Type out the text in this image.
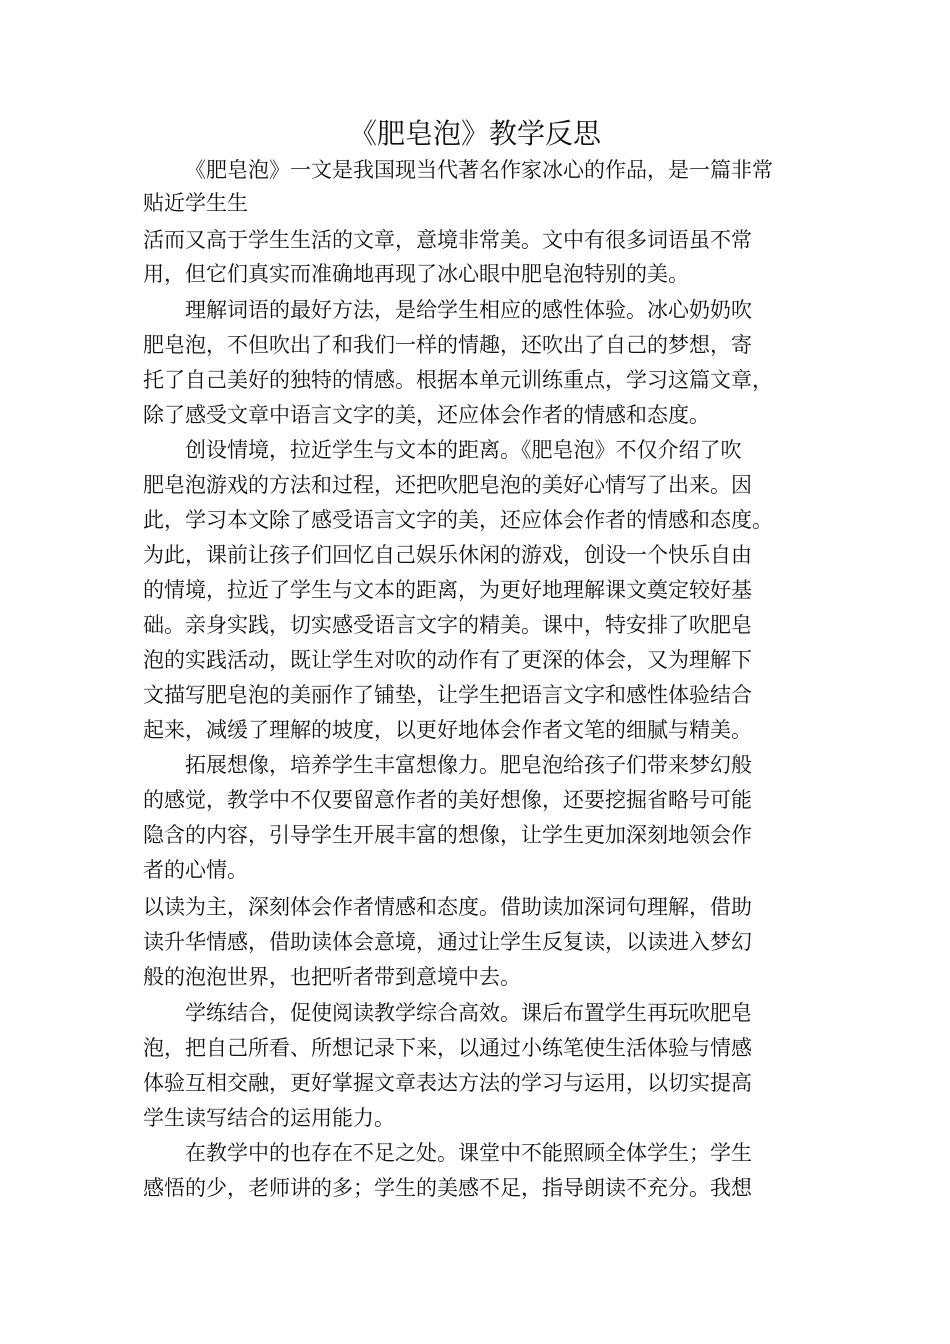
《肥皂泡》教学反思

《肥皂泡》一文是我国现当代著名作家冰心的作品，是一篇非常

贴近学生生

活而又高于学生生活的文章，意境非常美。文中有很多词语虽不常

用，但它们真实而准确地再现了冰心眼中肥皂泡特别的美。

理解词语的最好方法，是给学生相应的感性体验。冰心奶奶吹

肥皂泡，不但吹出了和我们一样的情趣，还吹出了自己的梦想，寄

托了自己美好的独特的情感。根据本单元训练重点，学习这篇文章，

除了感受文章中语言文字的美，还应体会作者的情感和态度。

创设情境，拉近学生与文本的距离。《肥皂泡》不仅介绍了吹

肥皂泡游戏的方法和过程，还把吹肥皂泡的美好心情写了出来。因

此，学习本文除了感受语言文字的美，还应体会作者的情感和态度。

为此，课前让孩子们回忆自己娱乐休闲的游戏，创设一个快乐自由

的情境，拉近了学生与文本的距离，为更好地理解课文奠定较好基

础。亲身实践，切实感受语言文字的精美。课中，特安排了吹肥皂

泡的实践活动，既让学生对吹的动作有了更深的体会，又为理解下

文描写肥皂泡的美丽作了铺垫，让学生把语言文字和感性体验结合

起来，减缓了理解的坡度，以更好地体会作者文笔的细腻与精美。

拓展想像，培养学生丰富想像力。肥皂泡给孩子们带来梦幻般

的感觉，教学中不仅要留意作者的美好想像，还要挖掘省略号可能

隐含的内容，引导学生开展丰富的想像，让学生更加深刻地领会作

者的心情。

以读为主，深刻体会作者情感和态度。借助读加深词句理解，借助

读升华情感，借助读体会意境，通过让学生反复读，以读进入梦幻

般的泡泡世界，也把听者带到意境中去。

学练结合，促使阅读教学综合高效。课后布置学生再玩吹肥皂

泡，把自己所看、所想记录下来，以通过小练笔使生活体验与情感

体验互相交融，更好掌握文章表达方法的学习与运用，以切实提高

学生读写结合的运用能力。

在教学中的也存在不足之处。课堂中不能照顾全体学生；学生

感悟的少，老师讲的多；学生的美感不足，指导朗读不充分。我想
